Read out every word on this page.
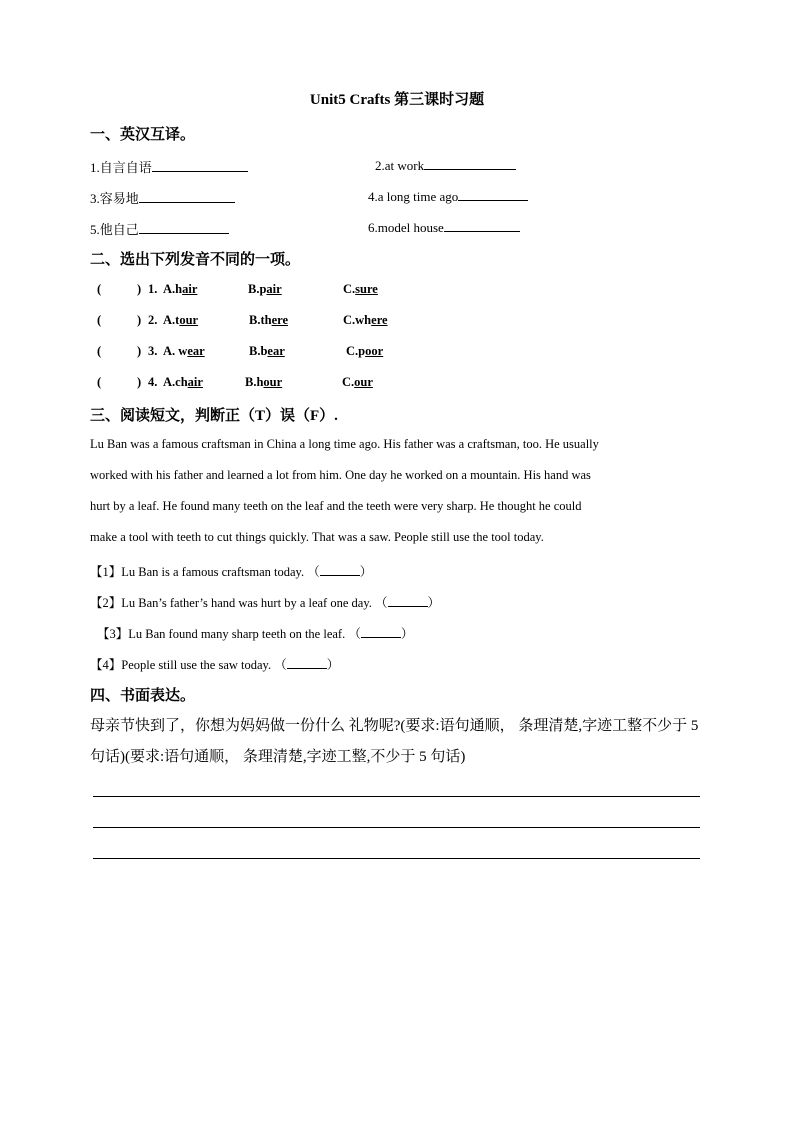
Unit5 Crafts 第三课时习题
一、英汉互译。
1.自言自语	2.at work
3.容易地	4.a long time ago
5.他自己	6.model house
二、选出下列发音不同的一项。
(	) 1. A.hair	B.pair	C.sure
(	) 2. A.tour	B.there	C.where
(	) 3. A. wear	B.bear	C.poor
(	) 4. A.chair	B.hour	C.our
三、阅读短文，判断正（T）误（F）.
Lu Ban was a famous craftsman in China a long time ago. His father was a craftsman, too. He usually
worked with his father and learned a lot from him. One day he worked on a mountain. His hand was
hurt by a leaf. He found many teeth on the leaf and the teeth were very sharp. He thought he could
make a tool with teeth to cut things quickly. That was a saw. People still use the tool today.
【1】Lu Ban is a famous craftsman today. （	）
【2】Lu Ban’s father’s hand was hurt by a leaf one day. （	）
【3】Lu Ban found many sharp teeth on the leaf. （	）
【4】People still use the saw today. （	）
四、书面表达。
母亲节快到了，你想为妈妈做一份什么 礼物呢?(要求:语句通顺， 条理清楚,字迹工整不少于 5 句话)(要求:语句通顺， 条理清楚,字迹工整,不少于 5 句话)
